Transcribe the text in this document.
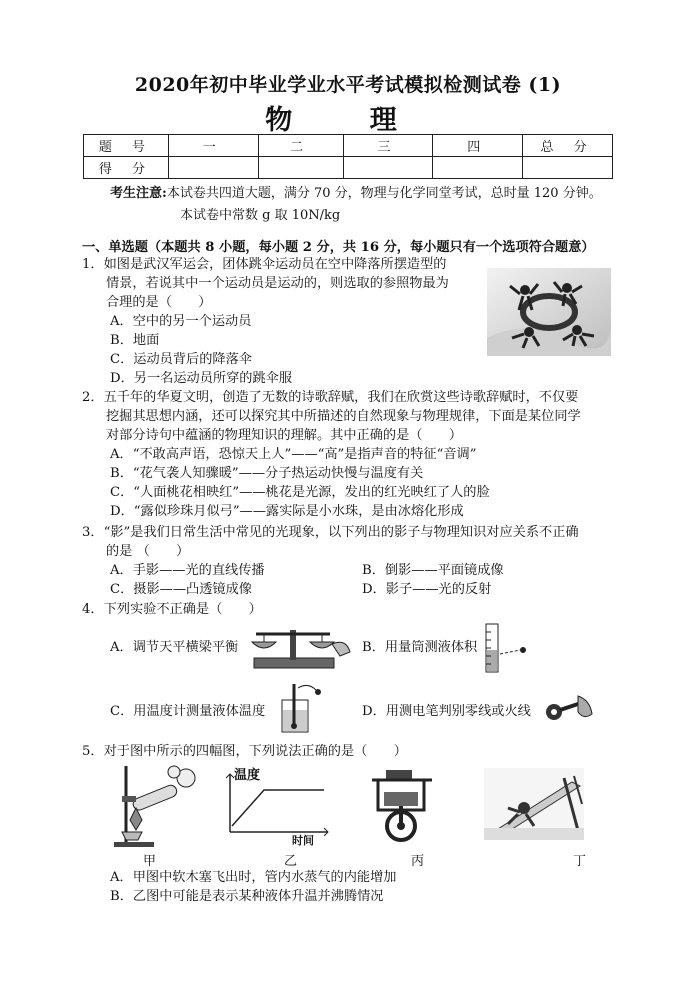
2020年初中毕业学业水平考试模拟检测试卷 (1)
物 理
题 号	一	二	三	四	总 分
得 分					
考生注意:本试卷共四道大题，满分 70 分，物理与化学同堂考试，总时量 120 分钟。
本试卷中常数 g 取 10N/kg
一、单选题（本题共 8 小题，每小题 2 分，共 16 分，每小题只有一个选项符合题意）
1．如图是武汉军运会，团体跳伞运动员在空中降落所摆造型的
情景，若说其中一个运动员是运动的，则选取的参照物最为
合理的是（　　）
A．空中的另一个运动员
B．地面
C．运动员背后的降落伞
D．另一名运动员所穿的跳伞服
2．五千年的华夏文明，创造了无数的诗歌辞赋，我们在欣赏这些诗歌辞赋时，不仅要
挖掘其思想内涵，还可以探究其中所描述的自然现象与物理规律，下面是某位同学
对部分诗句中蕴涵的物理知识的理解。其中正确的是（　　）
A．“不敢高声语，恐惊天上人”——“高”是指声音的特征“音调”
B．“花气袭人知骤暖”——分子热运动快慢与温度有关
C．“人面桃花相映红”——桃花是光源，发出的红光映红了人的脸
D．“露似珍珠月似弓”——露实际是小水珠，是由冰熔化形成
3．“影”是我们日常生活中常见的光现象，以下列出的影子与物理知识对应关系不正确
的是 （　　）
A．手影——光的直线传播	B．倒影——平面镜成像
C．摄影——凸透镜成像	D．影子——光的反射
4．下列实验不正确是（　　）
A．调节天平横梁平衡	B．用量筒测液体积
C．用温度计测量液体温度	D．用测电笔判别零线或火线
5．对于图中所示的四幅图，下列说法正确的是（　　）
温度
时间
甲	乙	丙	丁
A．甲图中软木塞飞出时，管内水蒸气的内能增加
B．乙图中可能是表示某种液体升温并沸腾情况
